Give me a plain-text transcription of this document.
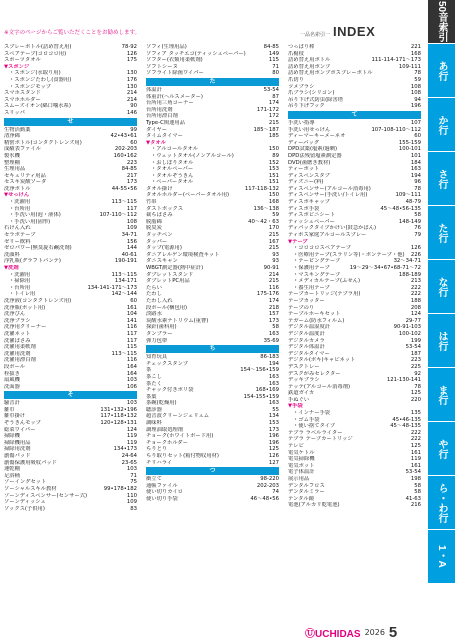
※文字のページからご覧いただくことをお勧めします。	一品名索引一 INDEX
スプレーボトル(詰め替え用)	78-92
スペアテープ(コロコロ用)	126
スポーツタオル	175
▼スポンジ
・スポンジ(水取り用)	130
・スポンジたわし(食器用)	176
・スポンジモップ	130
スマホスタンド	214
スマホホルダー	214
スムーズイオン(綿口噛水糸)	90
スリッパ	146
せ
生物活動薬	99
清浄綿	42•43•61
精密ボトル(コンタクトレンズ用)	60
成績表ファイル	202-203
製氷機	160•162
整理棚	223
生理用品	84-85
セキュリティ用品	217
セスキ炭酸ソーダ	173
洗浄ボトル	44-55•56
▼せっけん
・洗濯用	113〜115
・台所用	117
・手洗い用(泡・液体)	107-110〜112
・手洗い用(固形)	108
石けん入れ	109
セラボテープ	34-71
ゼリー飲料	156
ゼロパワー(無臭旋石鹸洗剤)	144
洗顔料	40-61
浮乳瓶(グラフトバンテ)	190-191
▼洗剤
・洗濯用	113〜115
・掃除用	134-171
・台所用	134-141-171〜173
・トイレ用	142〜144
洗浄液(コンタクトレンズ用)	60
洗浄瓶(ポット用)	161
洗浄びん	104
洗浄ブラシ	141
洗浄用クリーナー	116
洗濯ネット	117
洗濯ばさみ	117
洗濯用柔軟剤	115
洗濯用洗剤	113〜115
洗濯用漂白剤	116
段ボール	164
栓抜き	164
扇風機	103
洗面器	106
そ
騒音計	103
雑巾	131•132•196
雑巾掛け	117•118•132
ぞうきんモップ	120•128•131
総菜ワイパー	124
掃除機	119
掃除機用品	119
掃除用洗剤	134•173
創傷パッド	24-64
創傷保護用吸収パッド	23-65
速乾棚	103
足浴桶	71
ゾーイングセット	75
ソーシャルスキル教材	99•178•182
ゾーンディスペンサー(センサー式)	110
ソーンディッシュ	109
ソックス(子供用)	83
ソフィ(生理用品)	84-85
ソフィア タッチエコ(ティッシュペーパー)	149
ソフター(衣類用柔軟剤)	115
ソフトシーヌ	71
ソフライト除菌ワイパー	80
た
体温計	53-54
体重計(ヘルスメーター)	87
台所用三角コーナー	174
台所用洗剤	171-172
台所用漂白剤	172
Type-C関連用品	215
ダイヤー	185〜187
タイムタイマー	185
▼タオル
・アルコールタオル	150
・ウェットタオル(ノンアルコール)	89
・おしぼりタオル	152
・タオルペーパー	153
・タオルぞうきん	151
・ペーパータオル	151
タオル掛け	117-118-132
タオルホルダー(ペーパータオル用)	150
竹串	168
ダストボックス	136〜138
裁ちばさみ	59
脱脂綿	40〜42・63
脱臭炭	170
タッチペン	215
タッパー	167
タップ(電源用)	215
ダニアレルゲン環境検査キット	93
ダニスキャン	93
WBGT測定器(熱中症計)	90-91
ダブレットスタンド	214
ダブレットPC用品	215
たらい	116
たわし	175-176
たわし入れ	174
段ボール(梱包用)	218
淡路水	157
炭酸水素ナトリウム(重曹)	173
探針(歯科用)	58
タンブラー	163
弾力包帯	35-69
ち
知育玩具	86-183
チェックスタンプ	194
茶	154〜156•159
茶こし	163
茶たく	163
チャック付きポリ袋	168•169
茶葉	154-155•159
茶碗(乾燥用)	163
聴診器	55
超音波クリーンジェリュム	134
調味料	153
調理油取処理剤	173
チョーク(ホワイトボード用)	196
チョークホルダー	196
ちりとり	125
ちり取りセット(箱付物収用材)	126
チリハライ	127
つ
衝立て	98-220
通帳ファイル	202-203
使い切りカイロ	74
使い切り手袋	46〜48•56
つっぱり棒	221
爪楊枝	168
詰め替え用ボトル	111-114-171〜173
詰め替え用ポンプ	109-111
詰め替え用ポンプボスプレーボトル	78
爪切り	59
ツメブラシ	108
爪ブラシ(シリコン)	108
吊り下げ式防虫(除害塔	94
吊り下げフック	196
て
手洗い指導	107
手洗い用せっけん	107-108-110〜112
ディーマーキーメーネオ	60
ディーバッグ	155-159
DPD試薬(塩素/過剰)	100-101
DPD法残留塩素測定器	101
DVD(歯磨き教材)	184
ティーポット	163
ディスペンスタブ	194
ディズニー(料)	96
ディスペンサー(アルコール消毒用)	78
ディスペンサー(手洗い/トイレ用)	109〜111
ディスポキャップ	48-79
ディスポ手袋	45〜48•56-135
ディスポビニシート	58
ティッシュペーパー	148-149
ディパックタイプかけい(鼓急かばん)	76
ティポス家庭アルコールスプレー	79
▼テープ
・コロコロスペアテープ	126
・医療用テープ(スラリン等)・ボンテープ・他)	226
・テーピングテープ	32〜34-71
・保護用テープ	19〜29〜34•67•68-71〜72
・マスキングテープ	188-189
・メディカルテープ(ふせん)	213
・養生用テープ	222
テープカートリッジ(テプラ用)	222
テープカッター	188
テープのり	208
テープルホーキセット	124
テガーム(防水フィルム)	29-77
デジタル温湿度計	90-91-103
デジタル温度計	100-102
デジタルカメラ	199
デジタル体温計	53-54
デジタルタイマー	187
デジタル(ボキ)キャビネット	223
デスクトレー	225
デスクがみセレクター	92
デッキブラシ	121-130-141
テッテ(アルコール消毒剤)	78
鉄道ガイカ	125
手ぬぐい	220
▼手袋
・インナー手袋	135
・ゴム手袋	45•46-135
・使い捨てタイプ	45〜48-135
テプラ ラベルライター	222
テプラ テープカートリッジ	222
テレビ	125
電気ケトル	161
電気掃除機	119
電気ポット	161
電子体温計	53-54
展示用品	198
デンタルフロス	58
デンタルミラー	58
テンタル鏡	41-63
電池(アルカリ乾電池)	216
50音索引
あ行
か行
さ行
た行
な行
は行
ま行
や行
ら・わ行
1・A
ⓊUCHIDAS 2026 5
